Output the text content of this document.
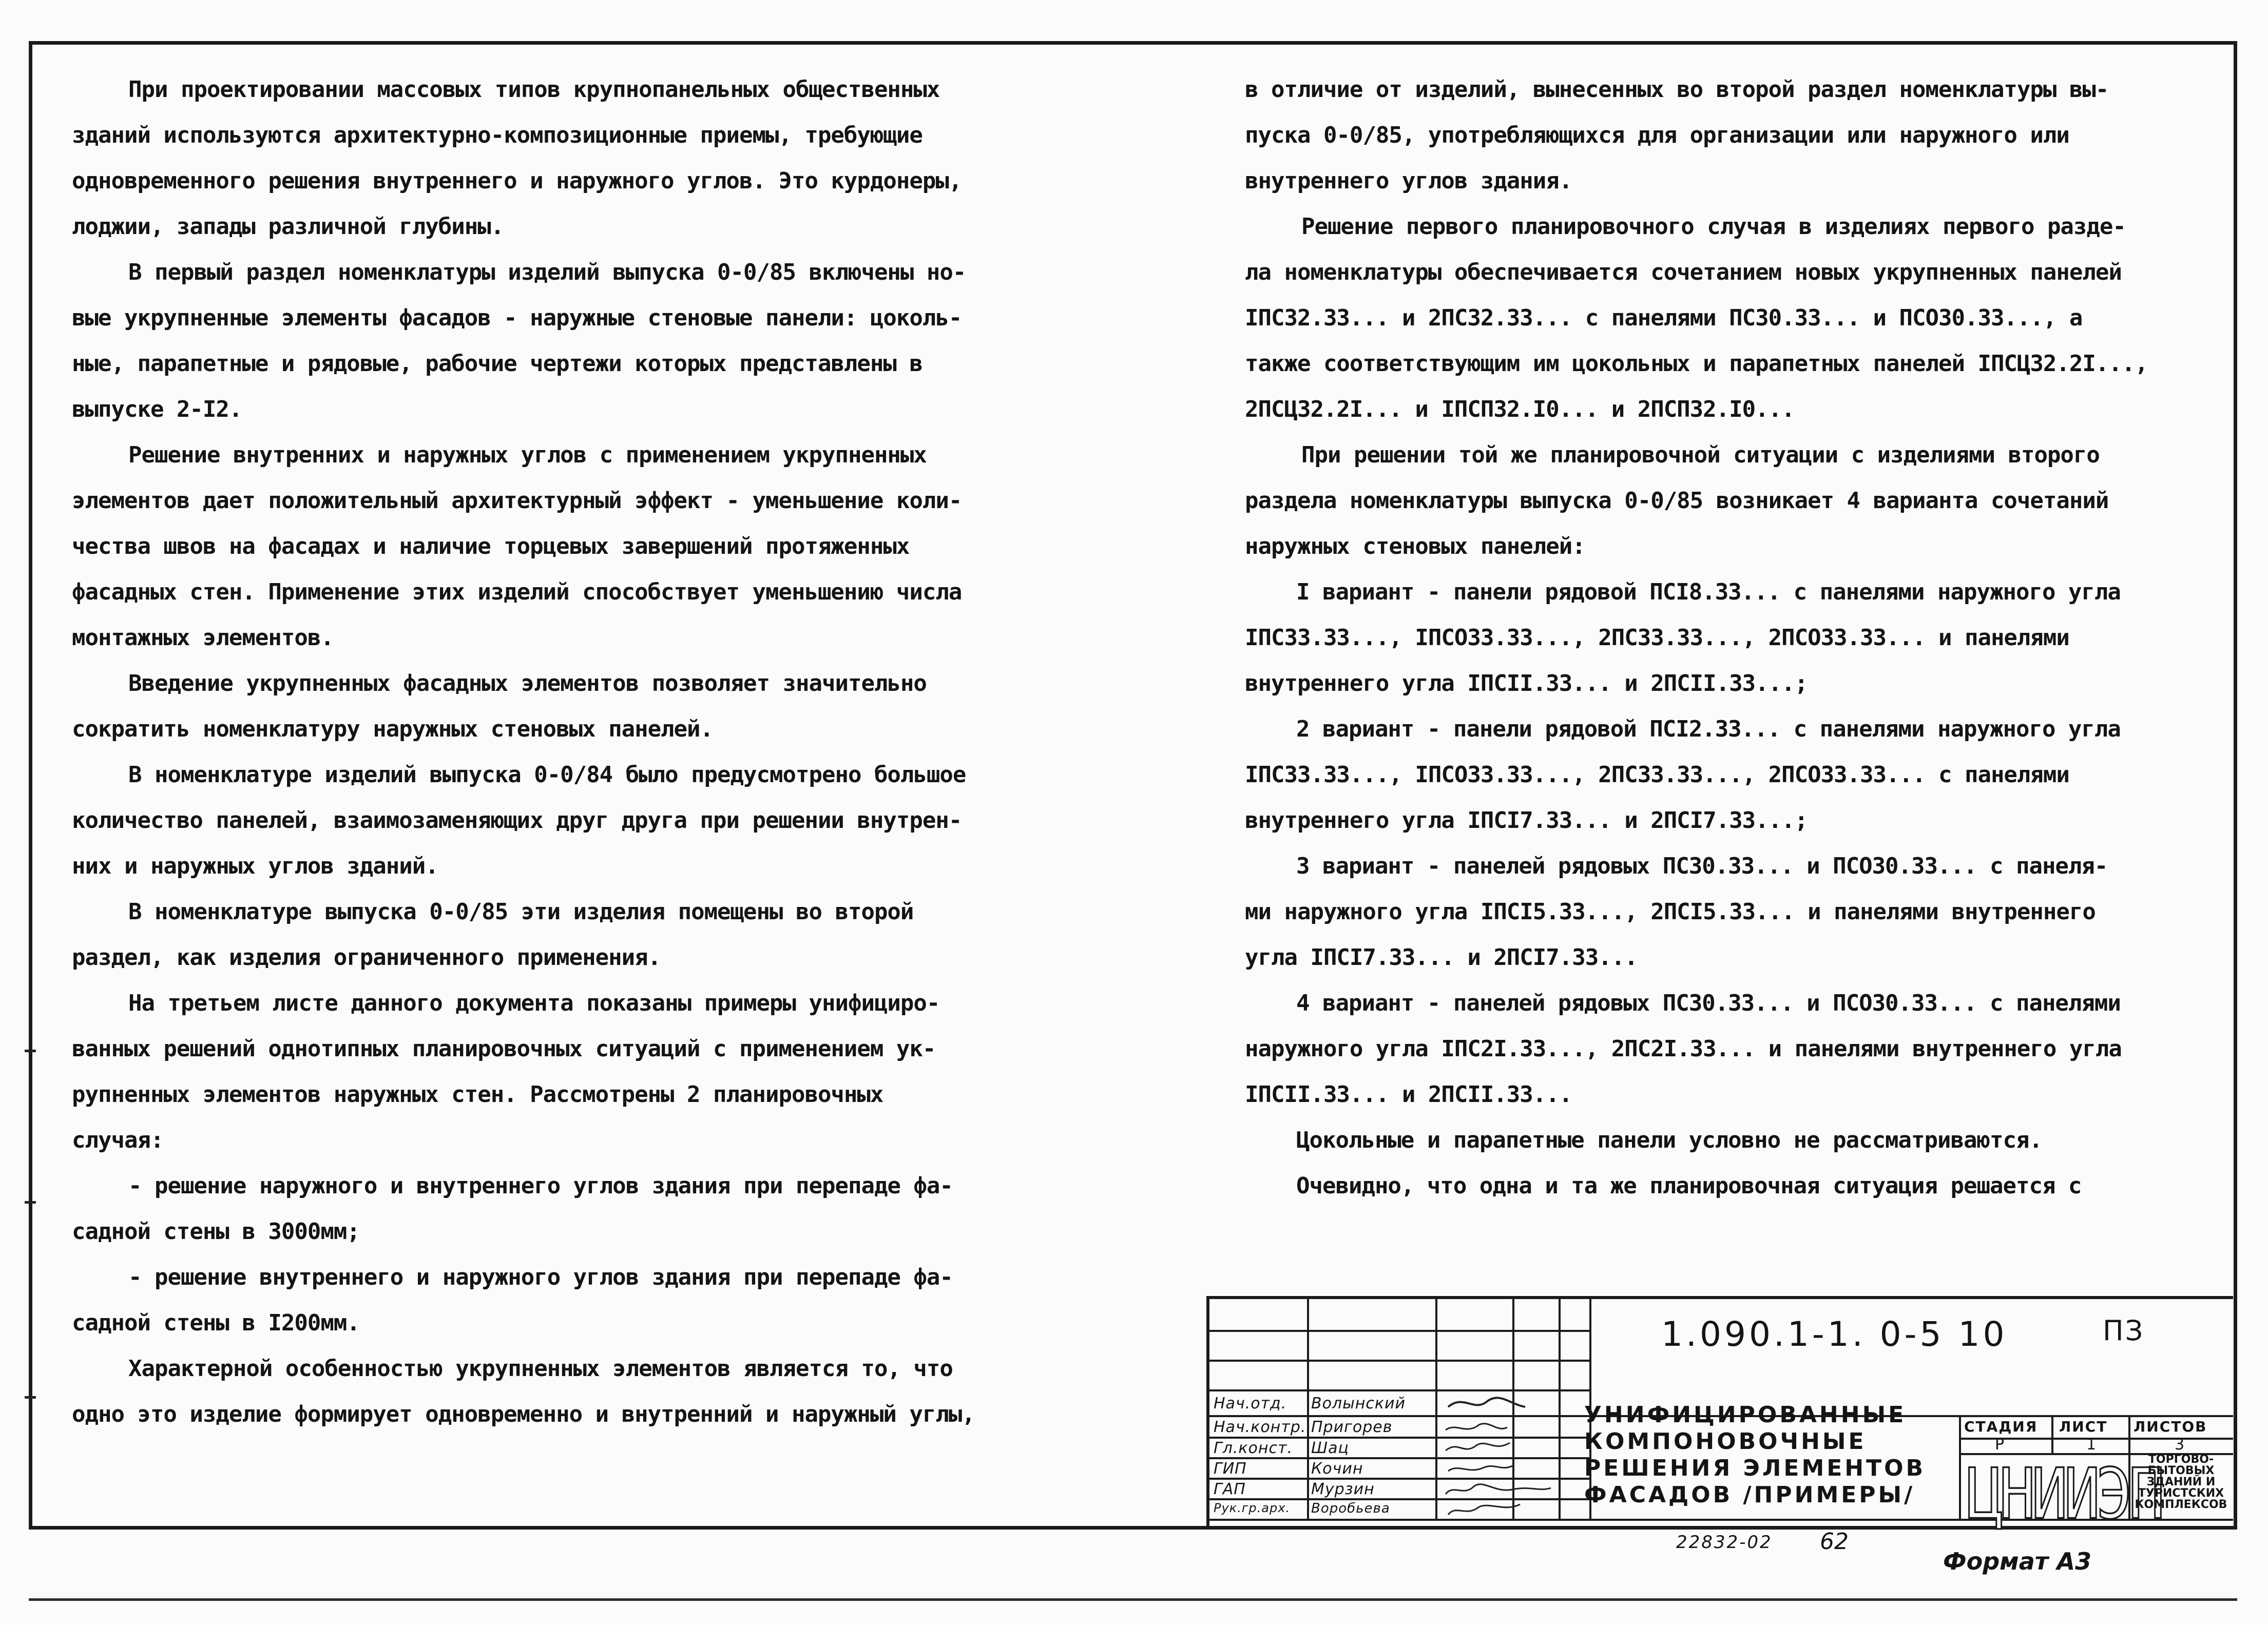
При проектировании массовых типов крупнопанельных общественных
зданий используются архитектурно-композиционные приемы, требующие
одновременного решения внутреннего и наружного углов. Это курдонеры,
лоджии, запады различной глубины.
В первый раздел номенклатуры изделий выпуска 0-0/85 включены но-
вые укрупненные элементы фасадов - наружные стеновые панели: цоколь-
ные, парапетные и рядовые, рабочие чертежи которых представлены в
выпуске 2-I2.
Решение внутренних и наружных углов с применением укрупненных
элементов дает положительный архитектурный эффект - уменьшение коли-
чества швов на фасадах и наличие торцевых завершений протяженных
фасадных стен. Применение этих изделий способствует уменьшению числа
монтажных элементов.
Введение укрупненных фасадных элементов позволяет значительно
сократить номенклатуру наружных стеновых панелей.
В номенклатуре изделий выпуска 0-0/84 было предусмотрено большое
количество панелей, взаимозаменяющих друг друга при решении внутрен-
них и наружных углов зданий.
В номенклатуре выпуска 0-0/85 эти изделия помещены во второй
раздел, как изделия ограниченного применения.
На третьем листе данного документа показаны примеры унифициро-
ванных решений однотипных планировочных ситуаций с применением ук-
рупненных элементов наружных стен. Рассмотрены 2 планировочных
случая:
- решение наружного и внутреннего углов здания при перепаде фа-
садной стены в 3000мм;
- решение внутреннего и наружного углов здания при перепаде фа-
садной стены в I200мм.
Характерной особенностью укрупненных элементов является то, что
одно это изделие формирует одновременно и внутренний и наружный углы,
в отличие от изделий, вынесенных во второй раздел номенклатуры вы-
пуска 0-0/85, употребляющихся для организации или наружного или
внутреннего углов здания.
Решение первого планировочного случая в изделиях первого разде-
ла номенклатуры обеспечивается сочетанием новых укрупненных панелей
IПС32.33... и 2ПС32.33... с панелями ПС30.33... и ПСО30.33..., а
также соответствующим им цокольных и парапетных панелей IПСЦ32.2I...,
2ПСЦ32.2I... и IПСП32.I0... и 2ПСП32.I0...
При решении той же планировочной ситуации с изделиями второго
раздела номенклатуры выпуска 0-0/85 возникает 4 варианта сочетаний
наружных стеновых панелей:
I вариант - панели рядовой ПСI8.33... с панелями наружного угла
IПС33.33..., IПСО33.33..., 2ПС33.33..., 2ПСО33.33... и панелями
внутреннего угла IПСII.33... и 2ПСII.33...;
2 вариант - панели рядовой ПСI2.33... с панелями наружного угла
IПС33.33..., IПСО33.33..., 2ПС33.33..., 2ПСО33.33... с панелями
внутреннего угла IПСI7.33... и 2ПСI7.33...;
3 вариант - панелей рядовых ПС30.33... и ПСО30.33... с панеля-
ми наружного угла IПСI5.33..., 2ПСI5.33... и панелями внутреннего
угла IПСI7.33... и 2ПСI7.33...
4 вариант - панелей рядовых ПС30.33... и ПСО30.33... с панелями
наружного угла IПС2I.33..., 2ПС2I.33... и панелями внутреннего угла
IПСII.33... и 2ПСII.33...
Цокольные и парапетные панели условно не рассматриваются.
Очевидно, что одна и та же планировочная ситуация решается с
1.090.1-1. 0-5 10	ПЗ
УНИФИЦИРОВАННЫЕ
КОМПОНОВОЧНЫЕ
РЕШЕНИЯ ЭЛЕМЕНТОВ
ФАСАДОВ /ПРИМЕРЫ/
СТАДИЯ ЛИСТ ЛИСТОВ
Р	1	3
ЦНИИЭП
ТОРГОВО-БЫТОВЫХ ЗДАНИЙ И ТУРИСТСКИХ КОМПЛЕКСОВ
Нач.отд.	Волынский
Нач.контр. Пригорев
Гл.конст.	Шац
ГИП	Кочин
ГАП	Мурзин
Рук.гр.арх.	Воробьева
22832-02 62
Формат А3
